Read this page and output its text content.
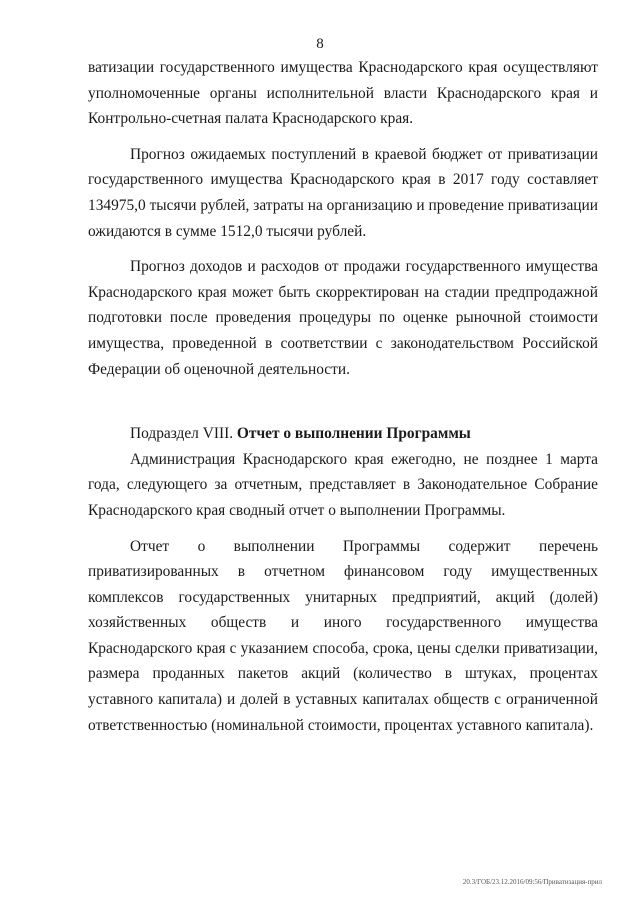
8

ватизации государственного имущества Краснодарского края осуществляют уполномоченные органы исполнительной власти Краснодарского края и Контрольно-счетная палата Краснодарского края.

Прогноз ожидаемых поступлений в краевой бюджет от приватизации государственного имущества Краснодарского края в 2017 году составляет 134975,0 тысячи рублей, затраты на организацию и проведение приватизации ожидаются в сумме 1512,0 тысячи рублей.

Прогноз доходов и расходов от продажи государственного имущества Краснодарского края может быть скорректирован на стадии предпродажной подготовки после проведения процедуры по оценке рыночной стоимости имущества, проведенной в соответствии с законодательством Российской Федерации об оценочной деятельности.

Подраздел VIII. Отчет о выполнении Программы

Администрация Краснодарского края ежегодно, не позднее 1 марта года, следующего за отчетным, представляет в Законодательное Собрание Краснодарского края сводный отчет о выполнении Программы.

Отчет о выполнении Программы содержит перечень приватизированных в отчетном финансовом году имущественных комплексов государственных унитарных предприятий, акций (долей) хозяйственных обществ и иного государственного имущества Краснодарского края с указанием способа, срока, цены сделки приватизации, размера проданных пакетов акций (количество в штуках, процентах уставного капитала) и долей в уставных капиталах обществ с ограниченной ответственностью (номинальной стоимости, процентах уставного капитала).

20.3/ГОБ/23.12.2016/09:56/Приватизация-прил
